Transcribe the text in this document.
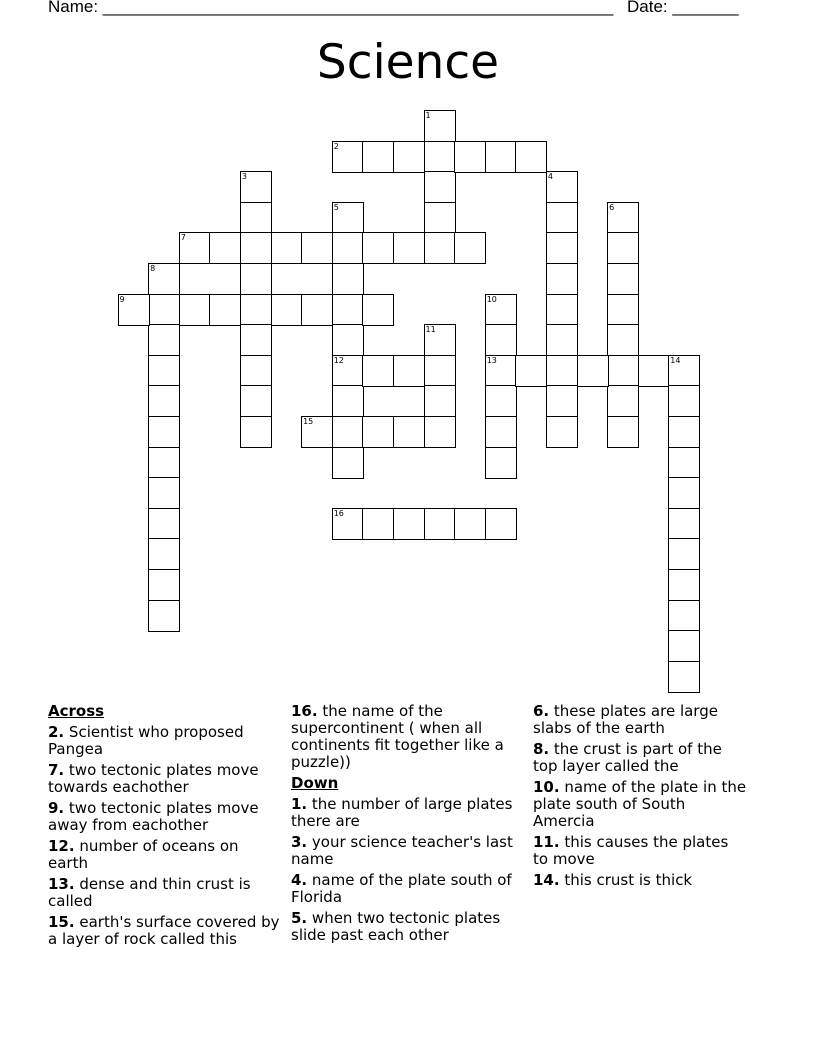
Name: ______________________________________________________ Date: _______
Science
1
2
3	4
5
12
6
7
8
9	10
13
11
14
15
16
Across
2. Scientist who proposed Pangea
7. two tectonic plates move towards eachother
9. two tectonic plates move away from eachother
12. number of oceans on earth
13. dense and thin crust is called
15. earth's surface covered by a layer of rock called this
16. the name of the supercontinent ( when all continents fit together like a puzzle))
Down
1. the number of large plates there are
3. your science teacher's last name
4. name of the plate south of Florida
5. when two tectonic plates slide past each other
6. these plates are large slabs of the earth
8. the crust is part of the top layer called the
10. name of the plate in the plate south of South Amercia
11. this causes the plates to move
14. this crust is thick
